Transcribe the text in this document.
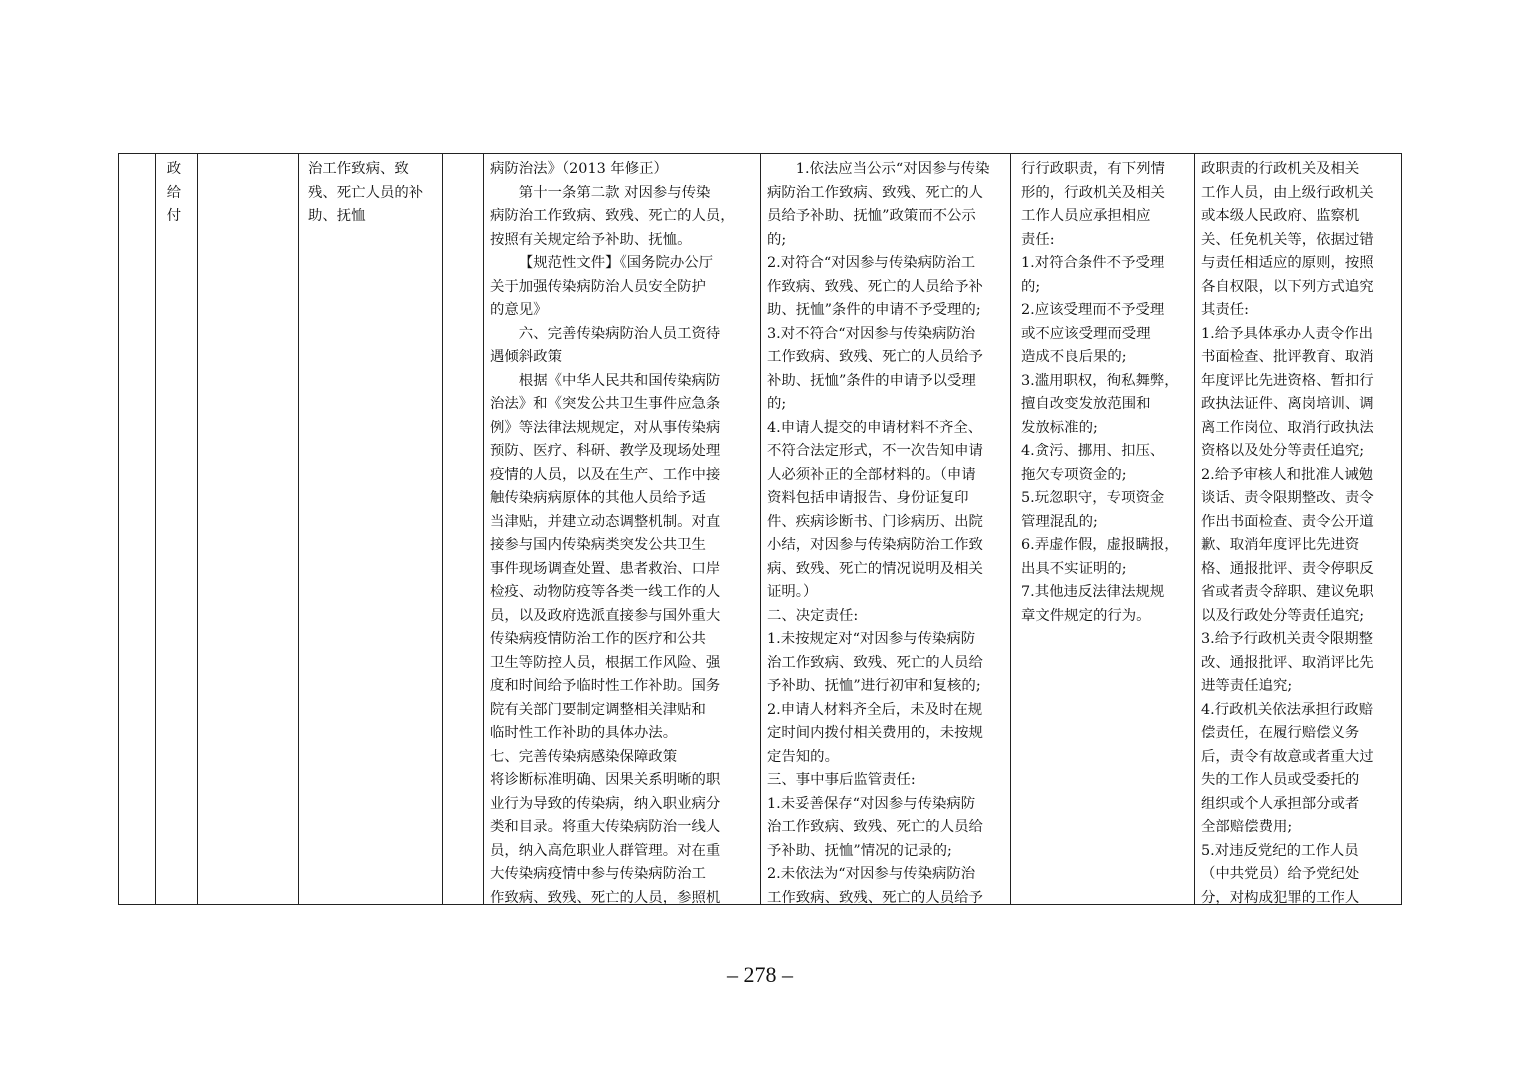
政
给
付
治工作致病、致
残、死亡人员的补
助、抚恤
病防治法》（2013 年修正）
第十一条第二款 对因参与传染
病防治工作致病、致残、死亡的人员，
按照有关规定给予补助、抚恤。
【规范性文件】《国务院办公厅
关于加强传染病防治人员安全防护
的意见》
六、完善传染病防治人员工资待
遇倾斜政策
根据《中华人民共和国传染病防
治法》和《突发公共卫生事件应急条
例》等法律法规规定，对从事传染病
预防、医疗、科研、教学及现场处理
疫情的人员，以及在生产、工作中接
触传染病病原体的其他人员给予适
当津贴，并建立动态调整机制。对直
接参与国内传染病类突发公共卫生
事件现场调查处置、患者救治、口岸
检疫、动物防疫等各类一线工作的人
员，以及政府选派直接参与国外重大
传染病疫情防治工作的医疗和公共
卫生等防控人员，根据工作风险、强
度和时间给予临时性工作补助。国务
院有关部门要制定调整相关津贴和
临时性工作补助的具体办法。
七、完善传染病感染保障政策
将诊断标准明确、因果关系明晰的职
业行为导致的传染病，纳入职业病分
类和目录。将重大传染病防治一线人
员，纳入高危职业人群管理。对在重
大传染病疫情中参与传染病防治工
作致病、致残、死亡的人员，参照机
1.依法应当公示“对因参与传染
病防治工作致病、致残、死亡的人
员给予补助、抚恤”政策而不公示
的;
2.对符合“对因参与传染病防治工
作致病、致残、死亡的人员给予补
助、抚恤”条件的申请不予受理的;
3.对不符合“对因参与传染病防治
工作致病、致残、死亡的人员给予
补助、抚恤”条件的申请予以受理
的;
4.申请人提交的申请材料不齐全、
不符合法定形式，不一次告知申请
人必须补正的全部材料的。（申请
资料包括申请报告、身份证复印
件、疾病诊断书、门诊病历、出院
小结，对因参与传染病防治工作致
病、致残、死亡的情况说明及相关
证明。）
二、决定责任:
1.未按规定对“对因参与传染病防
治工作致病、致残、死亡的人员给
予补助、抚恤”进行初审和复核的;
2.申请人材料齐全后，未及时在规
定时间内拨付相关费用的，未按规
定告知的。
三、事中事后监管责任:
1.未妥善保存“对因参与传染病防
治工作致病、致残、死亡的人员给
予补助、抚恤”情况的记录的;
2.未依法为“对因参与传染病防治
工作致病、致残、死亡的人员给予
行行政职责，有下列情
形的，行政机关及相关
工作人员应承担相应
责任:
1.对符合条件不予受理
的;
2.应该受理而不予受理
或不应该受理而受理
造成不良后果的;
3.滥用职权，徇私舞弊，
擅自改变发放范围和
发放标准的;
4.贪污、挪用、扣压、
拖欠专项资金的;
5.玩忽职守，专项资金
管理混乱的;
6.弄虚作假，虚报瞒报，
出具不实证明的;
7.其他违反法律法规规
章文件规定的行为。
政职责的行政机关及相关
工作人员，由上级行政机关
或本级人民政府、监察机
关、任免机关等，依据过错
与责任相适应的原则，按照
各自权限，以下列方式追究
其责任:
1.给予具体承办人责令作出
书面检查、批评教育、取消
年度评比先进资格、暂扣行
政执法证件、离岗培训、调
离工作岗位、取消行政执法
资格以及处分等责任追究;
2.给予审核人和批准人诫勉
谈话、责令限期整改、责令
作出书面检查、责令公开道
歉、取消年度评比先进资
格、通报批评、责令停职反
省或者责令辞职、建议免职
以及行政处分等责任追究;
3.给予行政机关责令限期整
改、通报批评、取消评比先
进等责任追究;
4.行政机关依法承担行政赔
偿责任，在履行赔偿义务
后，责令有故意或者重大过
失的工作人员或受委托的
组织或个人承担部分或者
全部赔偿费用;
5.对违反党纪的工作人员
（中共党员）给予党纪处
分，对构成犯罪的工作人
– 278 –
